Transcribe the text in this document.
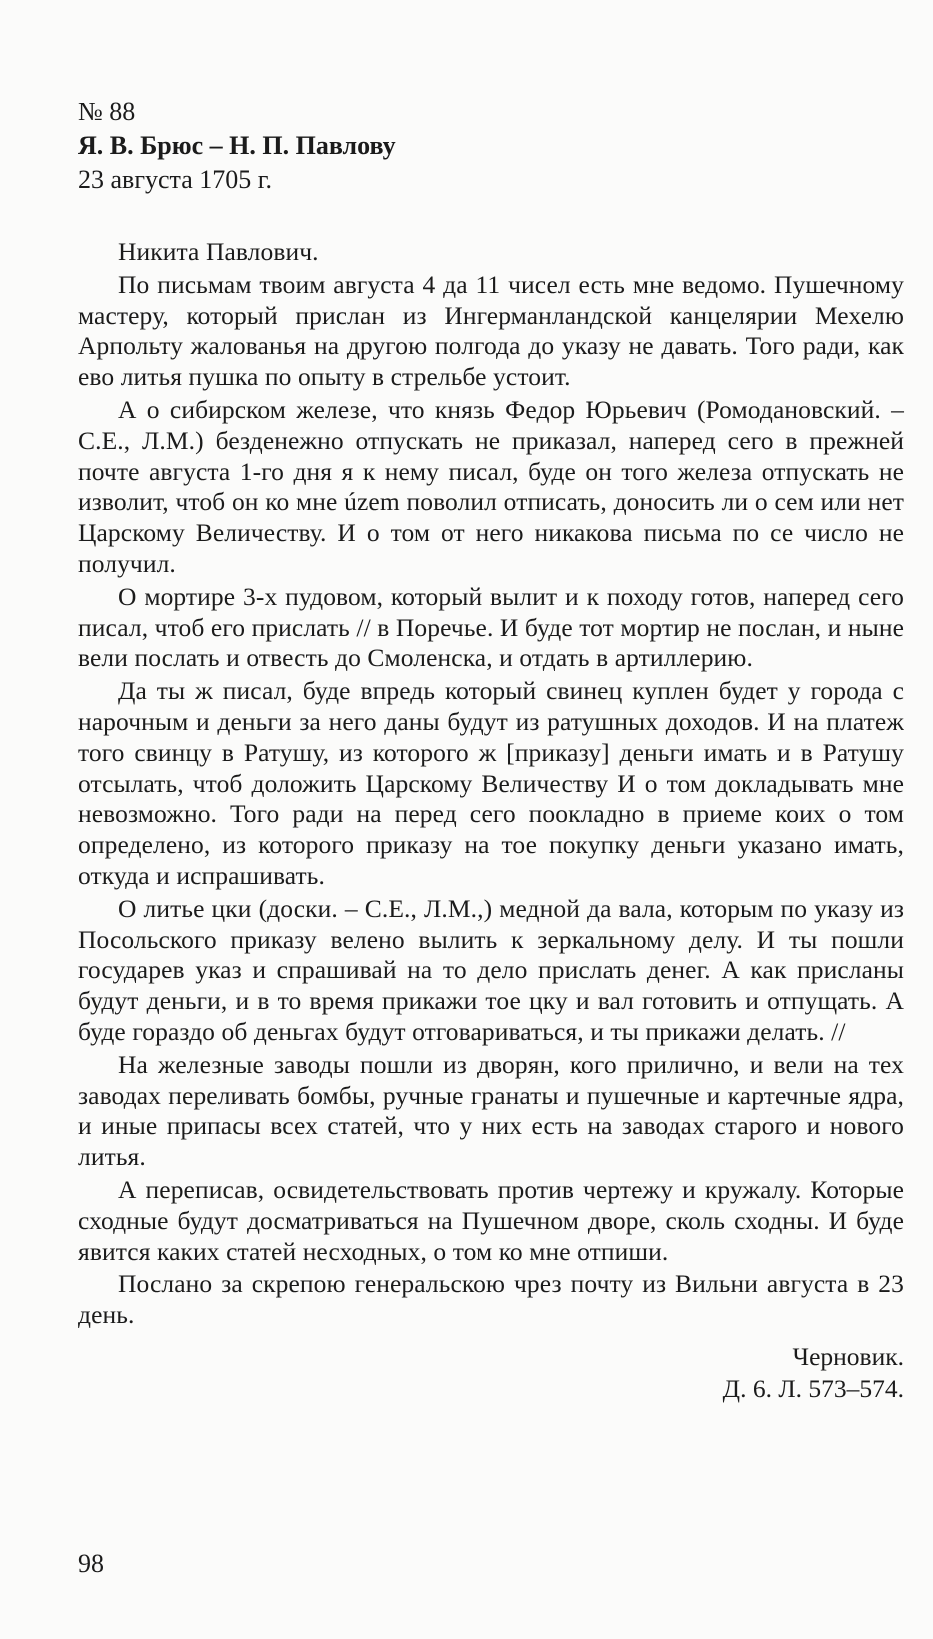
№ 88

Я. В. Брюс – Н. П. Павлову

23 августа 1705 г.

Никита Павлович.

По письмам твоим августа 4 да 11 чисел есть мне ведомо. Пушечному мастеру, который прислан из Ингерманландской канцелярии Мехелю Арпольту жалованья на другою полгода до указу не давать. Того ради, как ево литья пушка по опыту в стрельбе устоит.

А о сибирском железе, что князь Федор Юрьевич (Ромодановский. – С.Е., Л.М.) безденежно отпускать не приказал, наперед сего в прежней почте августа 1-го дня я к нему писал, буде он того железа отпускать не изволит, чтоб он ко мне územ поволил отписать, доносить ли о сем или нет Царскому Величеству. И о том от него никакова письма по се число не получил.

О мортире 3-х пудовом, который вылит и к походу готов, наперед сего писал, чтоб его прислать // в Поречье. И буде тот мортир не послан, и ныне вели послать и отвесть до Смоленска, и отдать в артиллерию.

Да ты ж писал, буде впредь который свинец куплен будет у города с нарочным и деньги за него даны будут из ратушных доходов. И на платеж того свинцу в Ратушу, из которого ж [приказу] деньги имать и в Ратушу отсылать, чтоб доложить Царскому Величеству И о том докладывать мне невозможно. Того ради на перед сего поокладно в приеме коих о том определено, из которого приказу на тое покупку деньги указано имать, откуда и испрашивать.

О литье цки (доски. – С.Е., Л.М.,) медной да вала, которым по указу из Посольского приказу велено вылить к зеркальному делу. И ты пошли государев указ и спрашивай на то дело прислать денег. А как присланы будут деньги, и в то время прикажи тое цку и вал готовить и отпущать. А буде гораздо об деньгах будут отговариваться, и ты прикажи делать. //

На железные заводы пошли из дворян, кого прилично, и вели на тех заводах переливать бомбы, ручные гранаты и пушечные и картечные ядра, и иные припасы всех статей, что у них есть на заводах старого и нового литья.

А переписав, освидетельствовать против чертежу и кружалу. Которые сходные будут досматриваться на Пушечном дворе, сколь сходны. И буде явится каких статей несходных, о том ко мне отпиши.

Послано за скрепою генеральскою чрез почту из Вильни августа в 23 день.

Черновик.

Д. 6. Л. 573–574.

98
